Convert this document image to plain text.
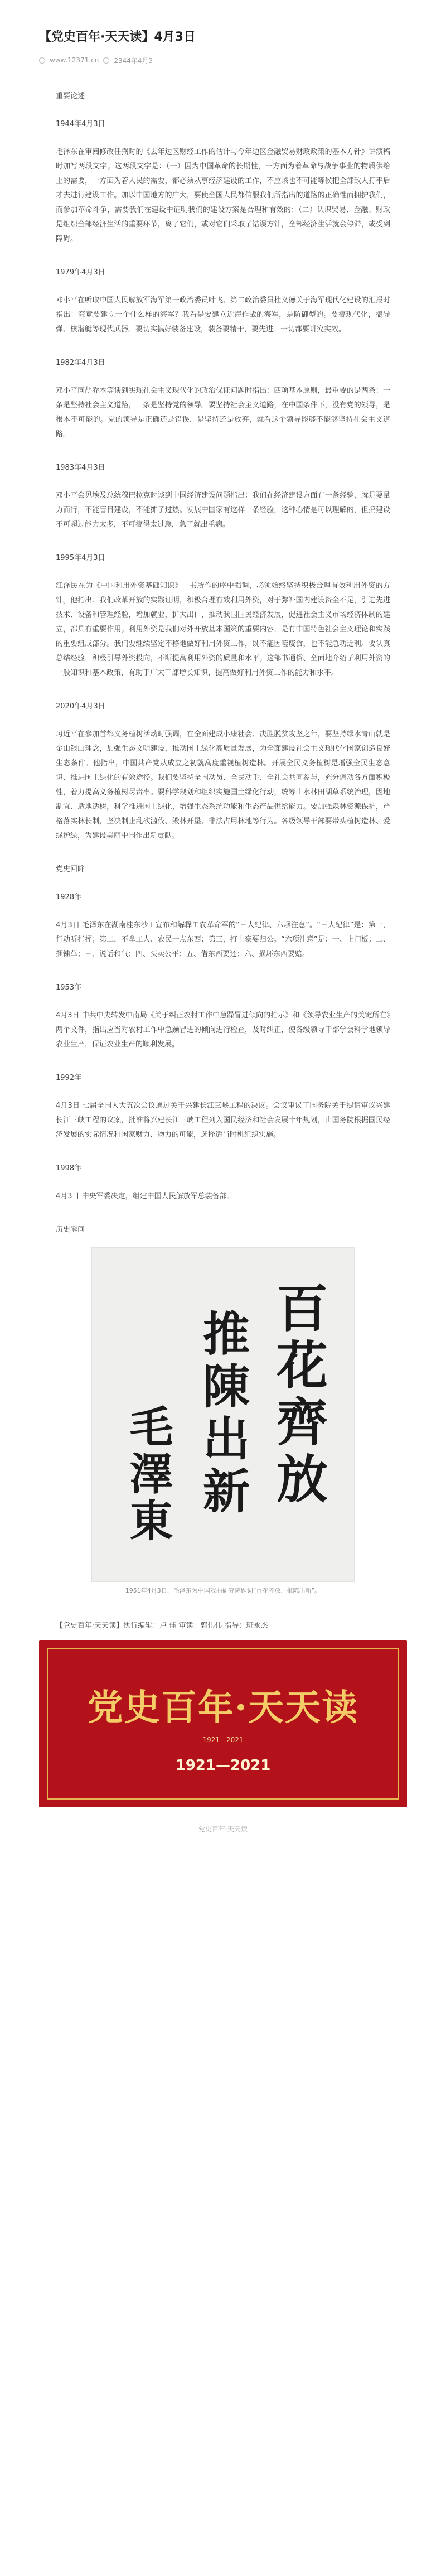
【党史百年·天天读】4月3日
www.12371.cn 2344年4月3

重要论述

1944年4月3日

毛泽东在审阅修改任弼时的《去年边区财经工作的估计与今年边区金融贸易财政政策的基本方针》讲演稿时加写两段文字。这两段文字是：（一）因为中国革命的长期性，一方面为着革命与战争事业的物质供给上的需要，一方面为着人民的需要，都必须从事经济建设的工作，不应该也不可能等候把全部敌人打平后才去进行建设工作。加以中国地方的广大，要使全国人民都信服我们所指出的道路的正确性而拥护我们，而参加革命斗争，需要我们在建设中证明我们的建设方案是合理和有效的；（二）认识贸易、金融、财政是组织全部经济生活的重要环节，离了它们，或对它们采取了错误方针，全部经济生活就会停滞，或受到障碍。

1979年4月3日

邓小平在听取中国人民解放军海军第一政治委员叶飞、第二政治委员杜义德关于海军现代化建设的汇报时指出：究竟要建立一个什么样的海军？我看是要建立近海作战的海军，是防御型的。要搞现代化，搞导弹、核潜艇等现代武器。要切实搞好装备建设，装备要精干，要先进。一切都要讲究实效。

1982年4月3日

邓小平同胡乔木等谈到实现社会主义现代化的政治保证问题时指出：四项基本原则，最重要的是两条：一条是坚持社会主义道路，一条是坚持党的领导。要坚持社会主义道路，在中国条件下，没有党的领导，是根本不可能的。党的领导是正确还是错误，是坚持还是放弃，就看这个领导能够不能够坚持社会主义道路。

1983年4月3日

邓小平会见埃及总统穆巴拉克时谈到中国经济建设问题指出：我们在经济建设方面有一条经验，就是要量力而行，不能盲目建设，不能摊子过热。发展中国家有这样一条经验，这种心情是可以理解的，但搞建设不可超过能力太多，不可搞得太过急，急了就出毛病。

1995年4月3日

江泽民在为《中国利用外资基础知识》一书所作的序中强调，必须始终坚持积极合理有效利用外资的方针。他指出：我们改革开放的实践证明，积极合理有效利用外资，对于弥补国内建设资金不足，引进先进技术、设备和管理经验，增加就业，扩大出口，推动我国国民经济发展，促进社会主义市场经济体制的建立，都具有重要作用。利用外资是我们对外开放基本国策的重要内容，是有中国特色社会主义理论和实践的重要组成部分。我们要继续坚定不移地做好利用外资工作，既不能因噎废食，也不能急功近利。要认真总结经验，积极引导外资投向，不断提高利用外资的质量和水平。这部书通俗、全面地介绍了利用外资的一般知识和基本政策，有助于广大干部增长知识，提高做好利用外资工作的能力和水平。

2020年4月3日

习近平在参加首都义务植树活动时强调，在全面建成小康社会、决胜脱贫攻坚之年，要坚持绿水青山就是金山银山理念，加强生态文明建设，推动国土绿化高质量发展，为全面建设社会主义现代化国家创造良好生态条件。他指出，中国共产党从成立之初就高度重视植树造林。开展全民义务植树是增强全民生态意识、推进国土绿化的有效途径。我们要坚持全国动员、全民动手、全社会共同参与，充分调动各方面积极性，着力提高义务植树尽责率。要科学规划和组织实施国土绿化行动，统筹山水林田湖草系统治理，因地制宜、适地适树，科学推进国土绿化，增强生态系统功能和生态产品供给能力。要加强森林资源保护，严格落实林长制，坚决制止乱砍滥伐、毁林开垦、非法占用林地等行为。各级领导干部要带头植树造林、爱绿护绿，为建设美丽中国作出新贡献。

党史回眸

1928年

4月3日 毛泽东在湖南桂东沙田宣布和解释工农革命军的“三大纪律、六项注意”。“三大纪律”是：第一，行动听指挥；第二，不拿工人、农民一点东西；第三，打土豪要归公。“六项注意”是：一、上门板；二、捆铺草；三、说话和气；四、买卖公平；五、借东西要还；六、损坏东西要赔。

1953年

4月3日 中共中央转发中南局《关于纠正农村工作中急躁冒进倾向的指示》和《领导农业生产的关键所在》两个文件，指出应当对农村工作中急躁冒进的倾向进行检查，及时纠正，使各级领导干部学会科学地领导农业生产，保证农业生产的顺利发展。

1992年

4月3日 七届全国人大五次会议通过关于兴建长江三峡工程的决议。会议审议了国务院关于提请审议兴建长江三峡工程的议案，批准将兴建长江三峡工程列入国民经济和社会发展十年规划，由国务院根据国民经济发展的实际情况和国家财力、物力的可能，选择适当时机组织实施。

1998年

4月3日 中央军委决定，组建中国人民解放军总装备部。

历史瞬间

百花齊放
推陳出新
毛澤東
1951年4月3日，毛泽东为中国戏曲研究院题词“百花齐放，推陈出新”。
【党史百年·天天读】执行编辑：卢 佳 审读：郭伟伟 指导：班永杰
党史百年·天天读
1921—2021
1921—2021
党史百年·天天读
